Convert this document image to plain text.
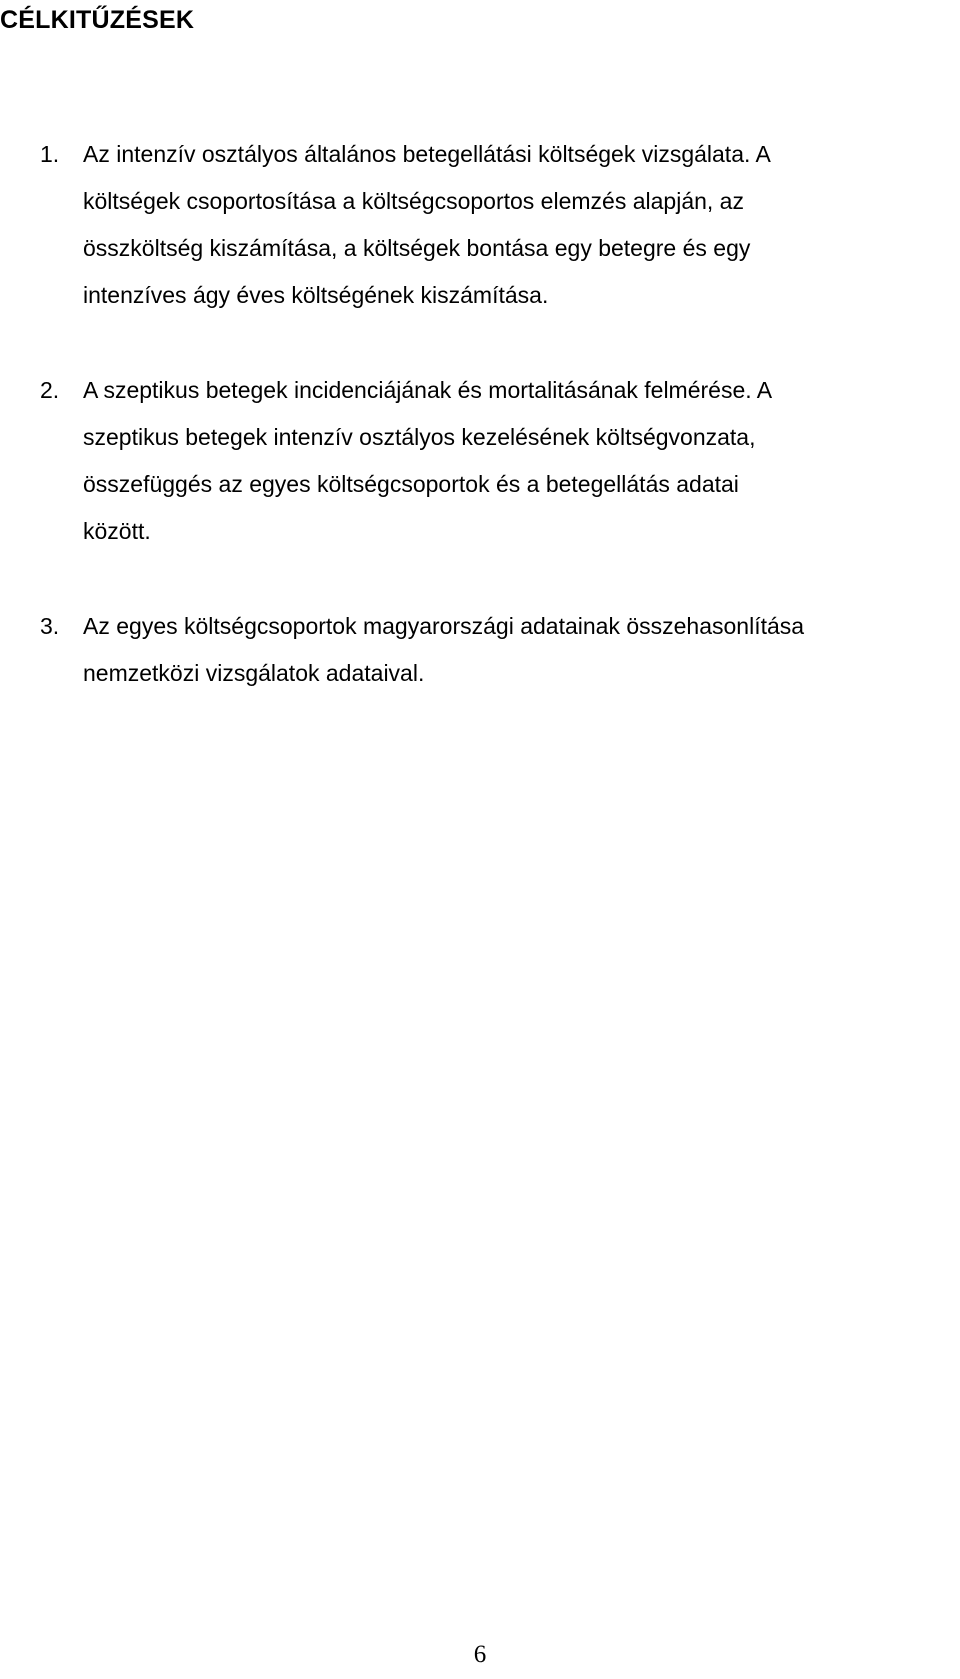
CÉLKITŰZÉSEK
1. Az intenzív osztályos általános betegellátási költségek vizsgálata. A
költségek csoportosítása a költségcsoportos elemzés alapján, az
összköltség kiszámítása, a költségek bontása egy betegre és egy
intenzíves ágy éves költségének kiszámítása.
2. A szeptikus betegek incidenciájának és mortalitásának felmérése. A
szeptikus betegek intenzív osztályos kezelésének költségvonzata,
összefüggés az egyes költségcsoportok és a betegellátás adatai
között.
3. Az egyes költségcsoportok magyarországi adatainak összehasonlítása
nemzetközi vizsgálatok adataival.
6
